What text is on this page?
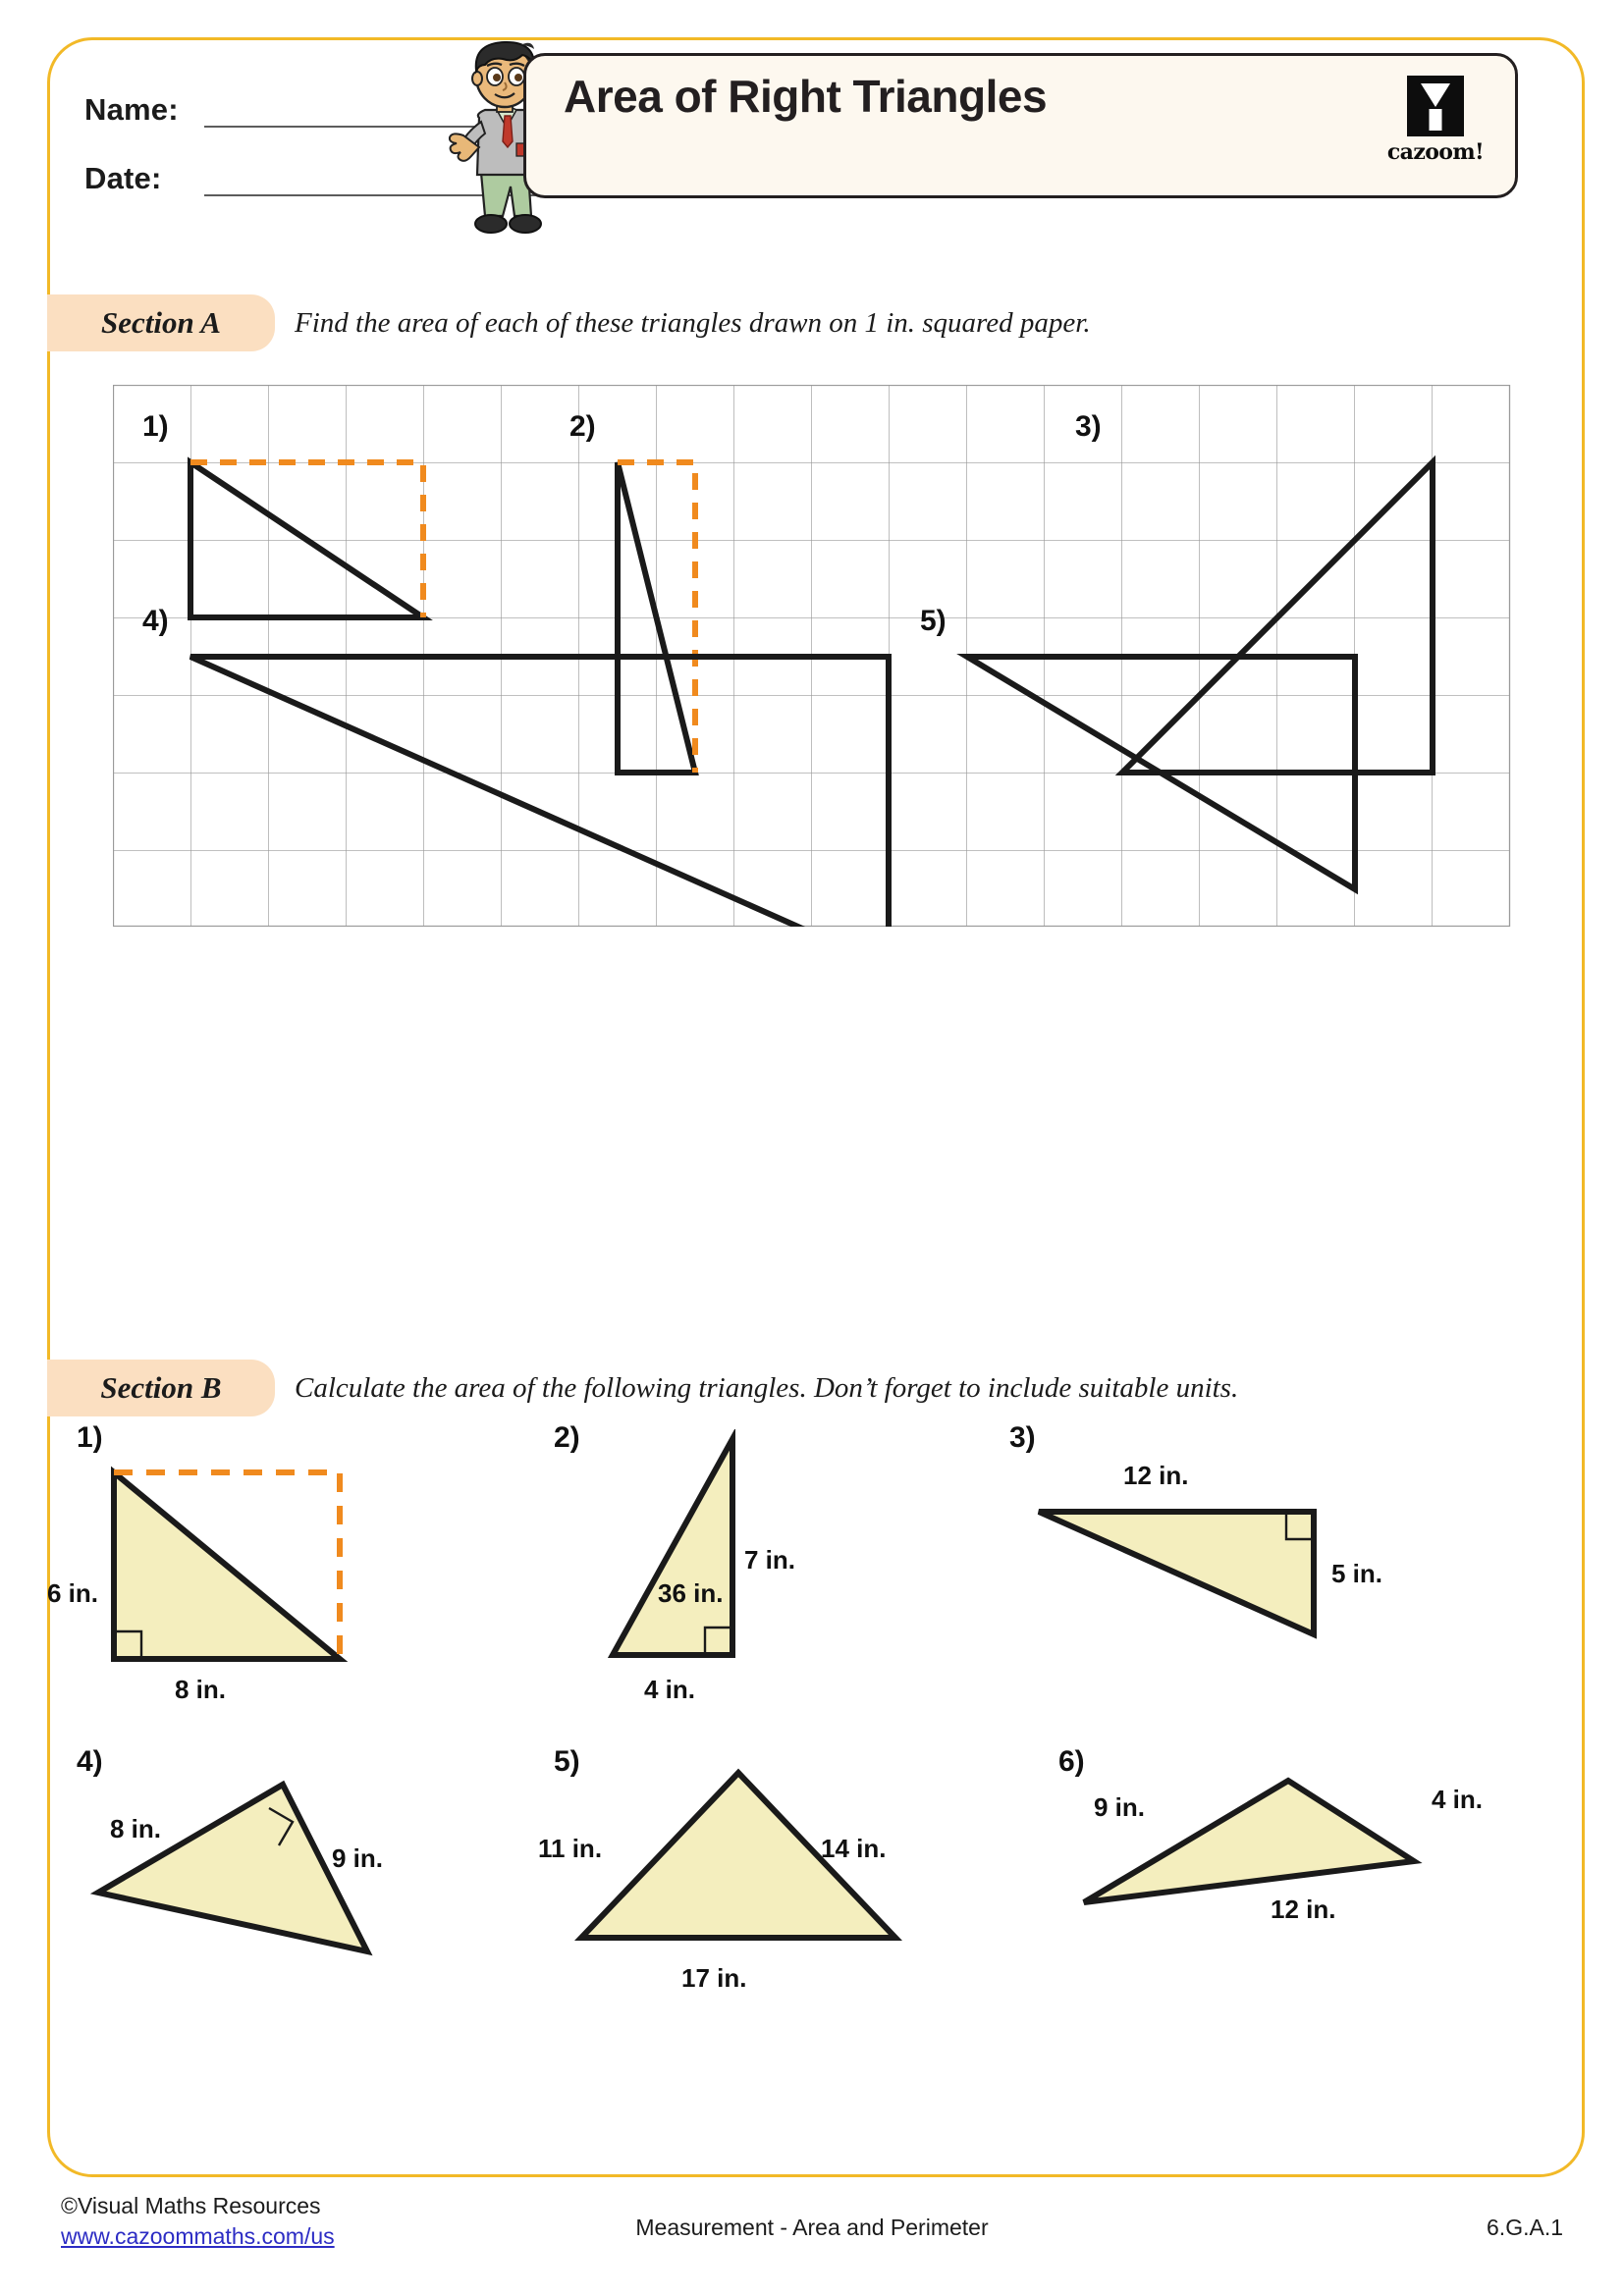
Name:
Date:
Area of Right Triangles
cazoom!
Section A	Find the area of each of these triangles drawn on 1 in. squared paper.
1)	2)	3)
4)	5)
Section B	Calculate the area of the following triangles. Don’t forget to include suitable units.
1)
6 in.
8 in.
2)
7 in.
36 in.
4 in.
3)
12 in.
5 in.
4)
8 in.
9 in.
5)
11 in.	14 in.
17 in.
6)
9 in.	4 in.
12 in.
©Visual Maths Resources
www.cazoommaths.com/us	Measurement - Area and Perimeter	6.G.A.1
